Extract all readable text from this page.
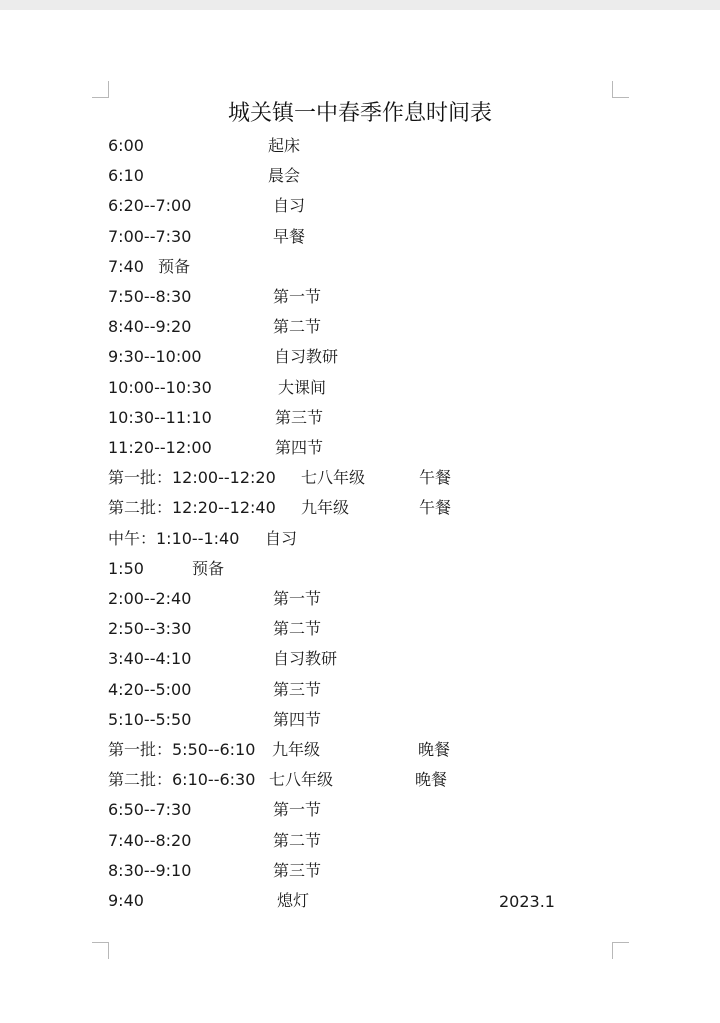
城关镇一中春季作息时间表
6:00	起床
6:10	晨会
6:20--7:00	自习
7:00--7:30	早餐
7:40 预备
7:50--8:30	第一节
8:40--9:20	第二节
9:30--10:00	自习教研
10:00--10:30	大课间
10:30--11:10	第三节
11:20--12:00	第四节
第一批：12:00--12:20 七八年级	午餐
第二批：12:20--12:40 九年级	午餐
中午：1:10--1:40 自习
1:50	预备
2:00--2:40	第一节
2:50--3:30	第二节
3:40--4:10	自习教研
4:20--5:00	第三节
5:10--5:50	第四节
第一批：5:50--6:10 九年级	晚餐
第二批：6:10--6:30 七八年级	晚餐
6:50--7:30	第一节
7:40--8:20	第二节
8:30--9:10	第三节
9:40	熄灯	2023.1
